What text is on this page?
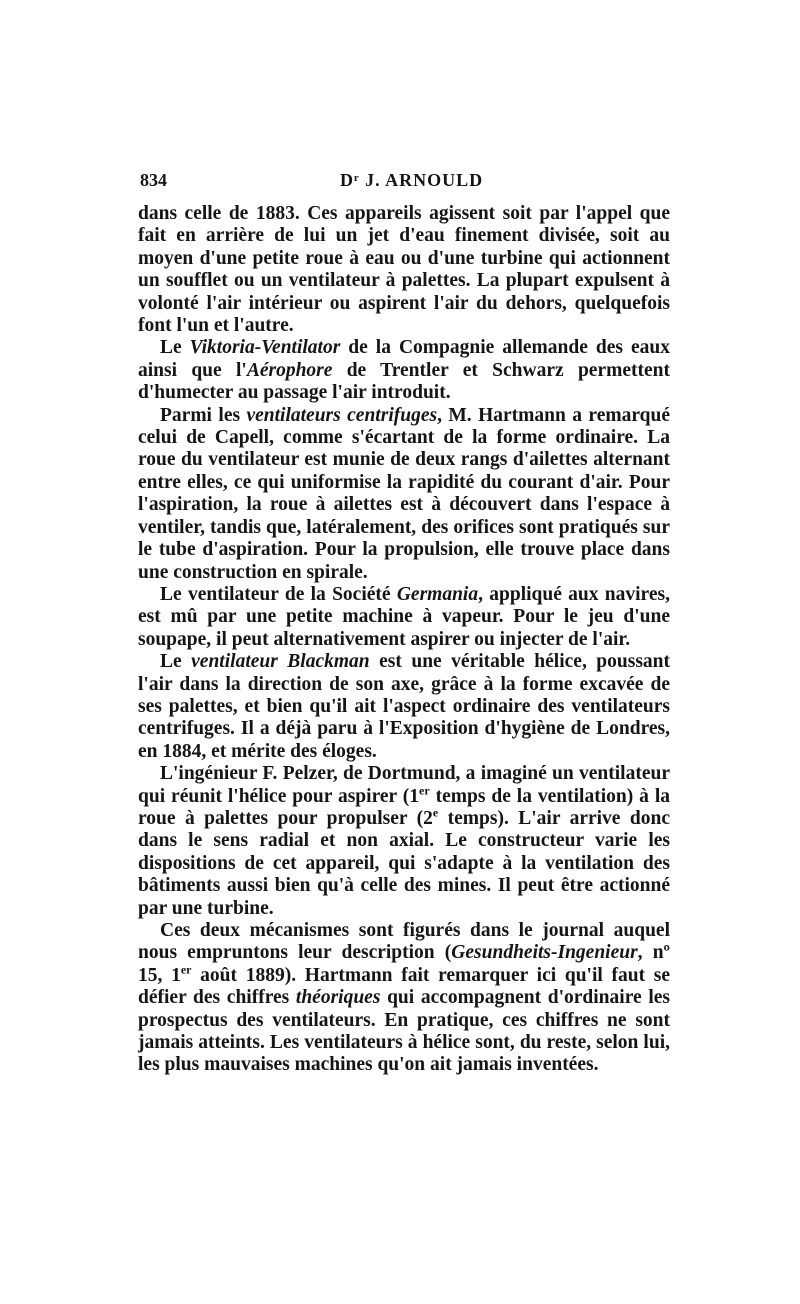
834	Dʳ J. ARNOULD

dans celle de 1883. Ces appareils agissent soit par l'appel que fait en arrière de lui un jet d'eau finement divisée, soit au moyen d'une petite roue à eau ou d'une turbine qui actionnent un soufflet ou un ventilateur à palettes. La plupart expulsent à volonté l'air intérieur ou aspirent l'air du dehors, quelquefois font l'un et l'autre.

Le Viktoria-Ventilator de la Compagnie allemande des eaux ainsi que l'Aérophore de Trentler et Schwarz permettent d'humecter au passage l'air introduit.

Parmi les ventilateurs centrifuges, M. Hartmann a remarqué celui de Capell, comme s'écartant de la forme ordinaire. La roue du ventilateur est munie de deux rangs d'ailettes alternant entre elles, ce qui uniformise la rapidité du courant d'air. Pour l'aspiration, la roue à ailettes est à découvert dans l'espace à ventiler, tandis que, latéralement, des orifices sont pratiqués sur le tube d'aspiration. Pour la propulsion, elle trouve place dans une construction en spirale.

Le ventilateur de la Société Germania, appliqué aux navires, est mû par une petite machine à vapeur. Pour le jeu d'une soupape, il peut alternativement aspirer ou injecter de l'air.

Le ventilateur Blackman est une véritable hélice, poussant l'air dans la direction de son axe, grâce à la forme excavée de ses palettes, et bien qu'il ait l'aspect ordinaire des ventilateurs centrifuges. Il a déjà paru à l'Exposition d'hygiène de Londres, en 1884, et mérite des éloges.

L'ingénieur F. Pelzer, de Dortmund, a imaginé un ventilateur qui réunit l'hélice pour aspirer (1er temps de la ventilation) à la roue à palettes pour propulser (2e temps). L'air arrive donc dans le sens radial et non axial. Le constructeur varie les dispositions de cet appareil, qui s'adapte à la ventilation des bâtiments aussi bien qu'à celle des mines. Il peut être actionné par une turbine.

Ces deux mécanismes sont figurés dans le journal auquel nous empruntons leur description (Gesundheits-Ingenieur, nº 15, 1er août 1889). Hartmann fait remarquer ici qu'il faut se défier des chiffres théoriques qui accompagnent d'ordinaire les prospectus des ventilateurs. En pratique, ces chiffres ne sont jamais atteints. Les ventilateurs à hélice sont, du reste, selon lui, les plus mauvaises machines qu'on ait jamais inventées.
